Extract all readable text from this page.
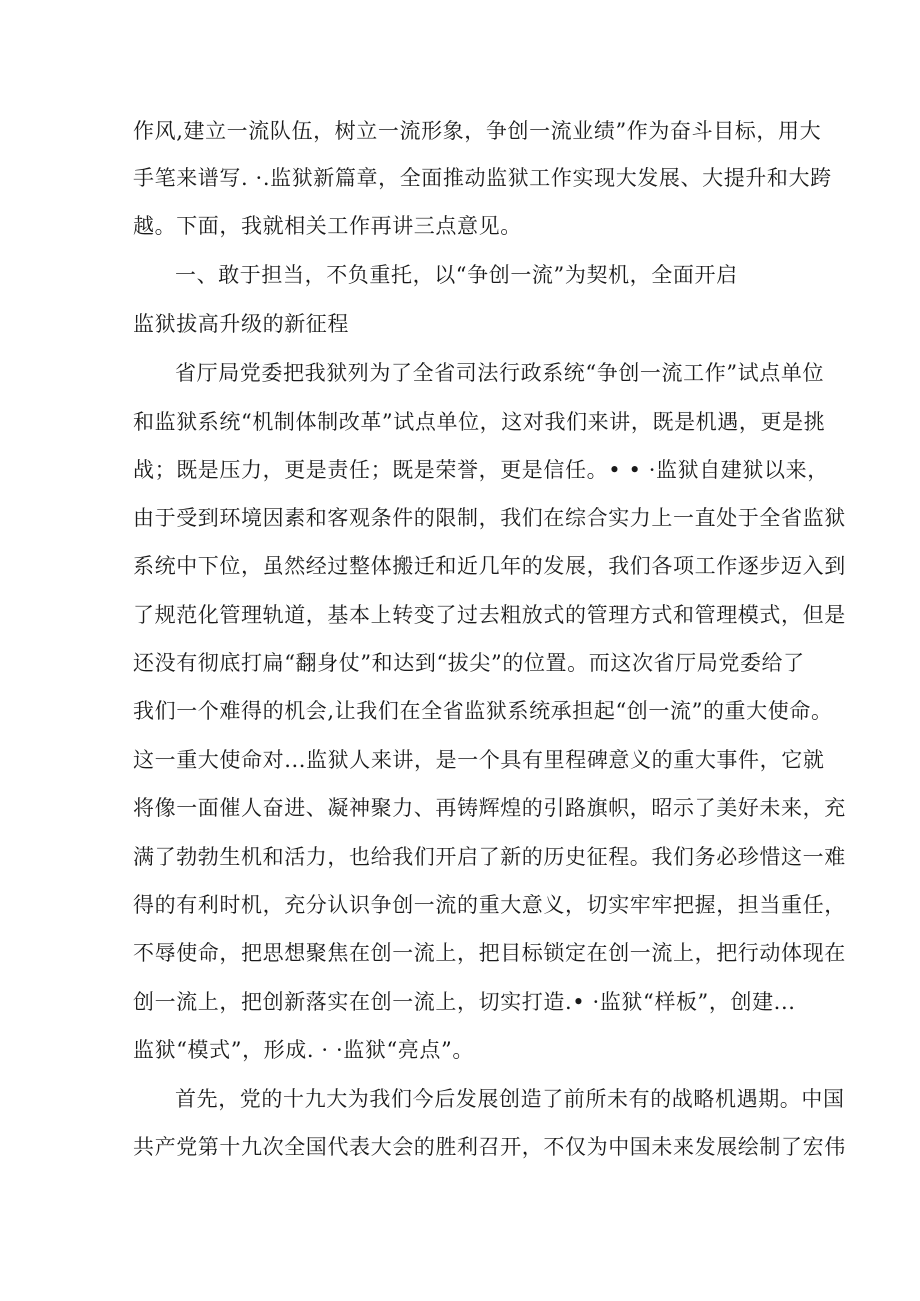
作风,建立一流队伍，树立一流形象，争创一流业绩”作为奋斗目标，用大

手笔来谱写. ·.监狱新篇章，全面推动监狱工作实现大发展、大提升和大跨

越。下面，我就相关工作再讲三点意见。

一、敢于担当，不负重托，以“争创一流”为契机，全面开启

监狱拔高升级的新征程

省厅局党委把我狱列为了全省司法行政系统“争创一流工作”试点单位

和监狱系统“机制体制改革”试点单位，这对我们来讲，既是机遇，更是挑

战；既是压力，更是责任；既是荣誉，更是信任。• • ·监狱自建狱以来，

由于受到环境因素和客观条件的限制，我们在综合实力上一直处于全省监狱

系统中下位，虽然经过整体搬迁和近几年的发展，我们各项工作逐步迈入到

了规范化管理轨道，基本上转变了过去粗放式的管理方式和管理模式，但是

还没有彻底打扁“翻身仗”和达到“拔尖”的位置。而这次省厅局党委给了

我们一个难得的机会,让我们在全省监狱系统承担起“创一流”的重大使命。

这一重大使命对...监狱人来讲，是一个具有里程碑意义的重大事件，它就

将像一面催人奋进、凝神聚力、再铸辉煌的引路旗帜，昭示了美好未来，充

满了勃勃生机和活力，也给我们开启了新的历史征程。我们务必珍惜这一难

得的有利时机，充分认识争创一流的重大意义，切实牢牢把握，担当重任，

不辱使命，把思想聚焦在创一流上，把目标锁定在创一流上，把行动体现在

创一流上，把创新落实在创一流上，切实打造.• ·监狱“样板”，创建...

监狱“模式”，形成. · ·监狱“亮点”。

首先，党的十九大为我们今后发展创造了前所未有的战略机遇期。中国

共产党第十九次全国代表大会的胜利召开，不仅为中国未来发展绘制了宏伟
